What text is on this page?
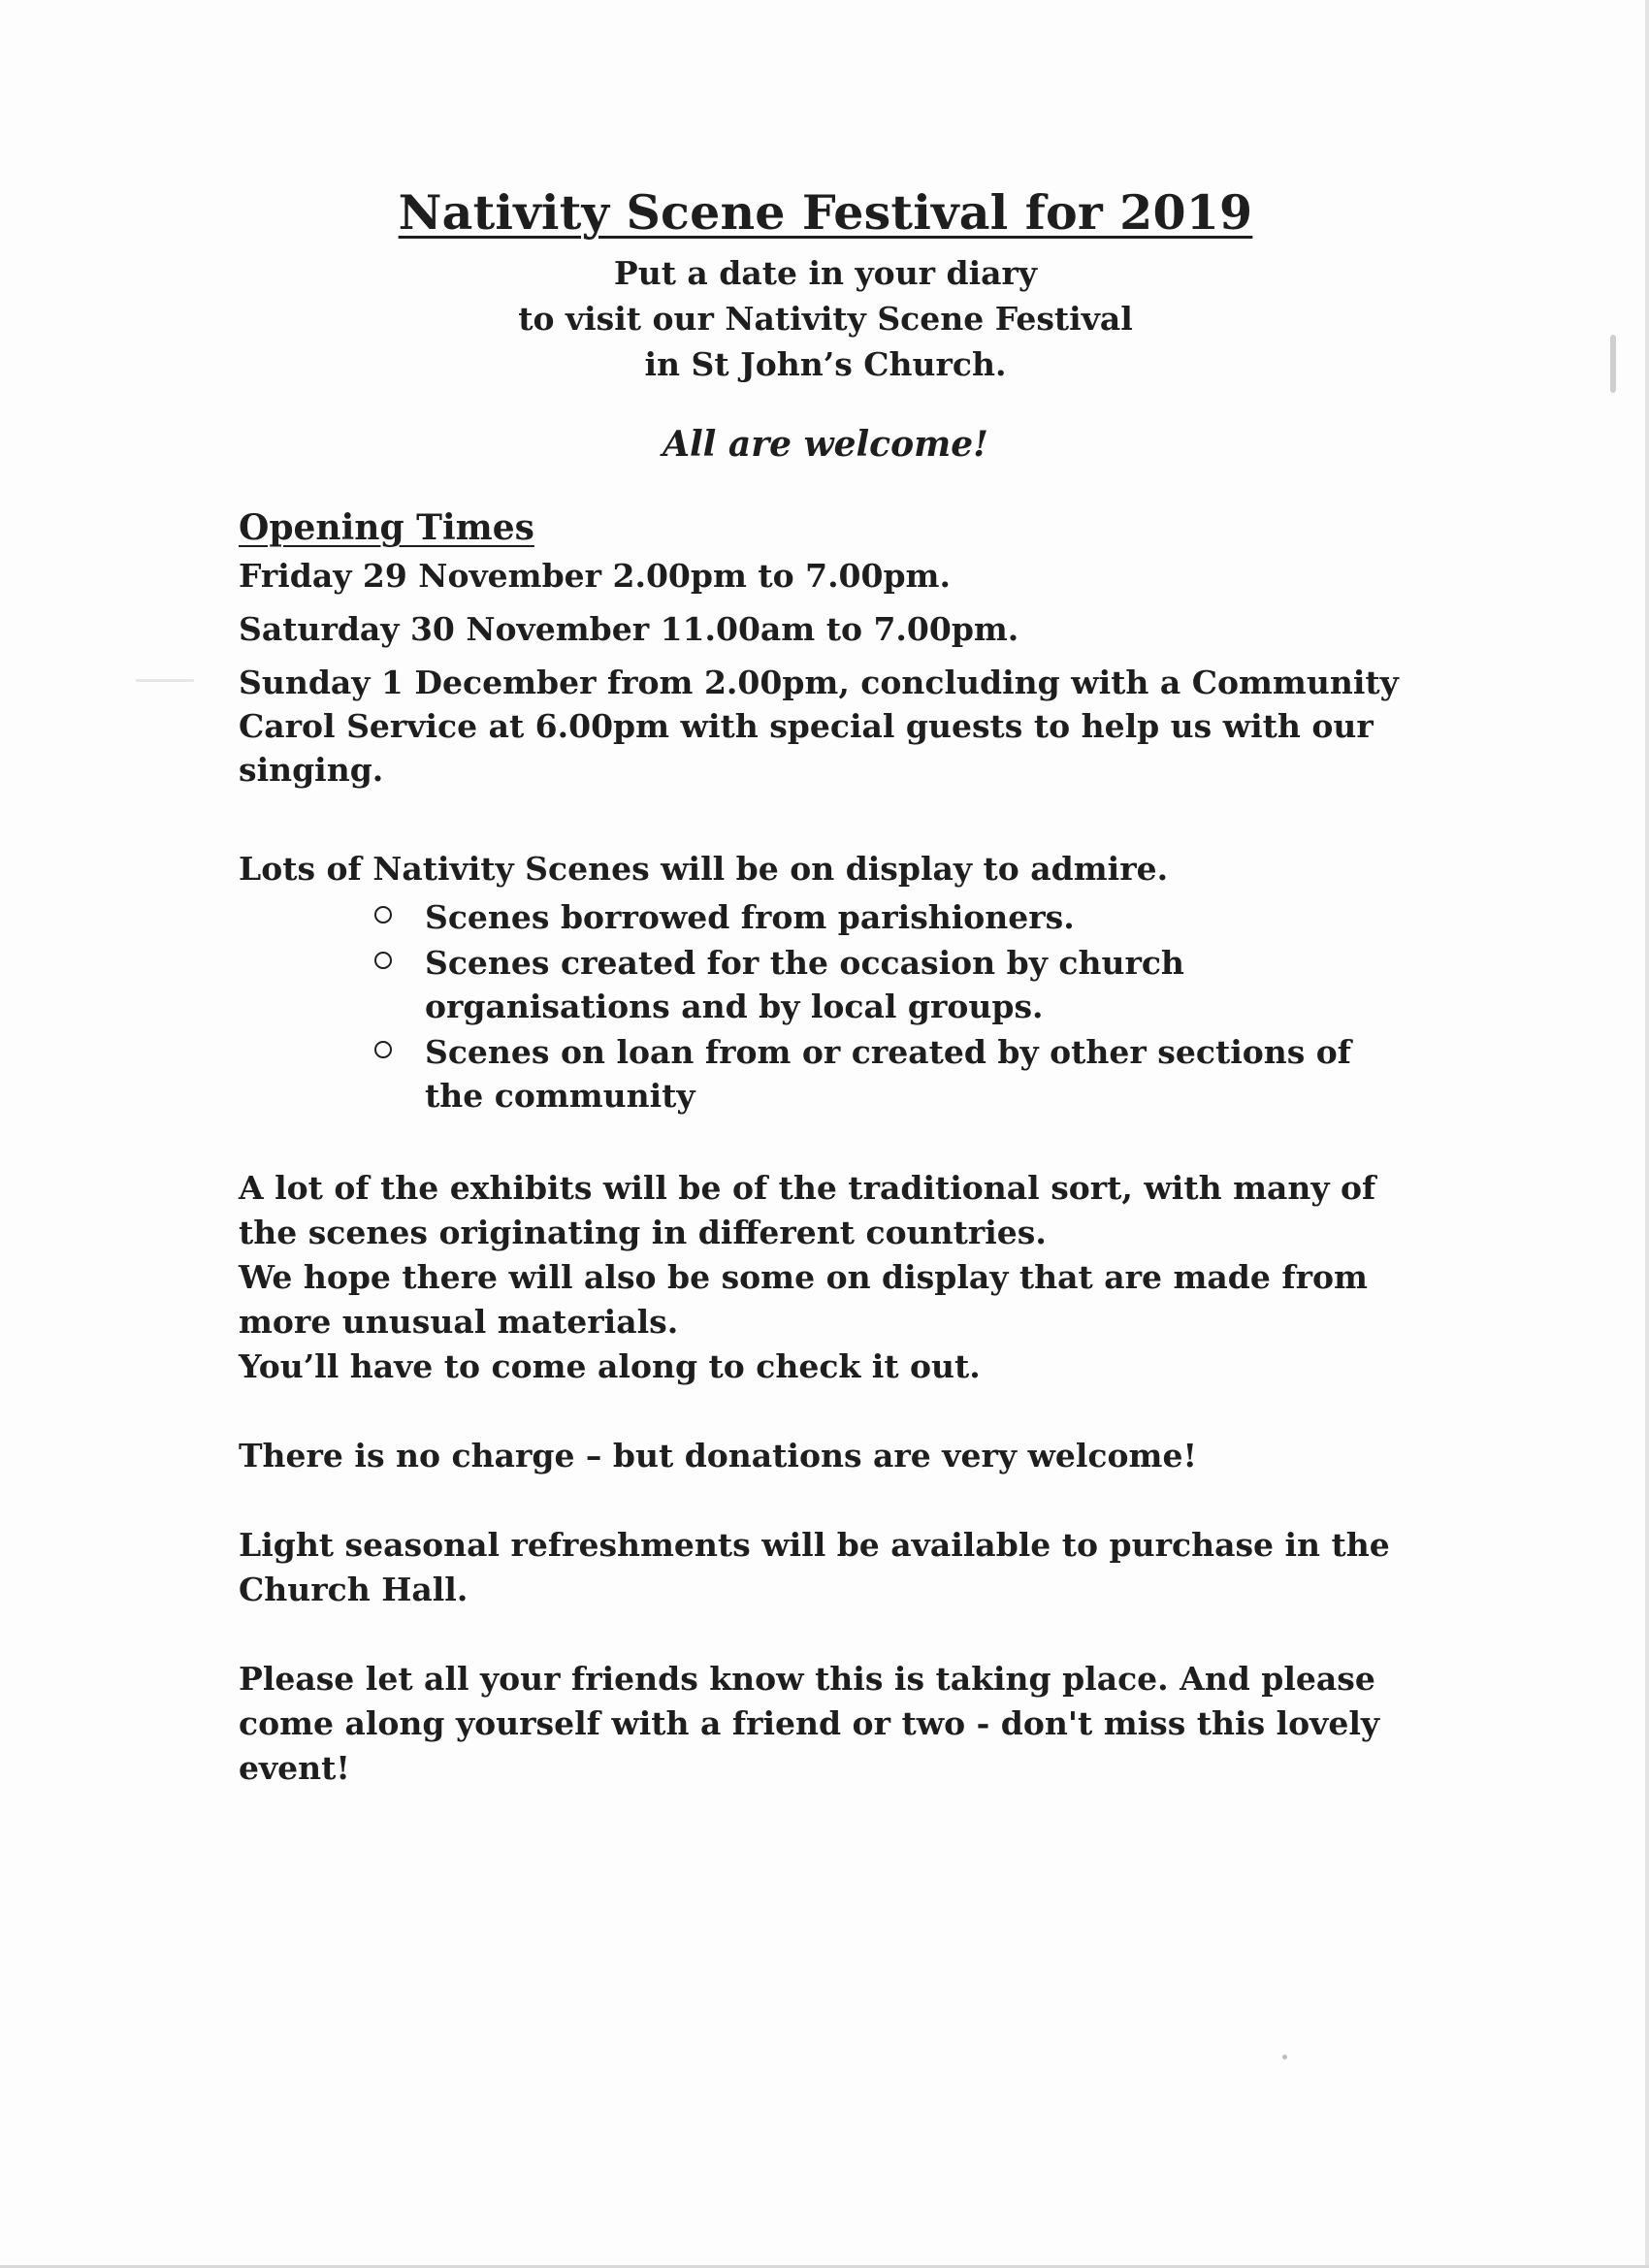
Nativity Scene Festival for 2019

Put a date in your diary

to visit our Nativity Scene Festival

in St John’s Church.

All are welcome!

Opening Times

Friday 29 November 2.00pm to 7.00pm.

Saturday 30 November 11.00am to 7.00pm.

Sunday 1 December from 2.00pm, concluding with a Community Carol Service at 6.00pm with special guests to help us with our singing.

Lots of Nativity Scenes will be on display to admire.

Scenes borrowed from parishioners.
Scenes created for the occasion by church organisations and by local groups.
Scenes on loan from or created by other sections of the community

A lot of the exhibits will be of the traditional sort, with many of the scenes originating in different countries.

We hope there will also be some on display that are made from more unusual materials.

You’ll have to come along to check it out.

There is no charge – but donations are very welcome!

Light seasonal refreshments will be available to purchase in the Church Hall.

Please let all your friends know this is taking place. And please come along yourself with a friend or two - don't miss this lovely event!
